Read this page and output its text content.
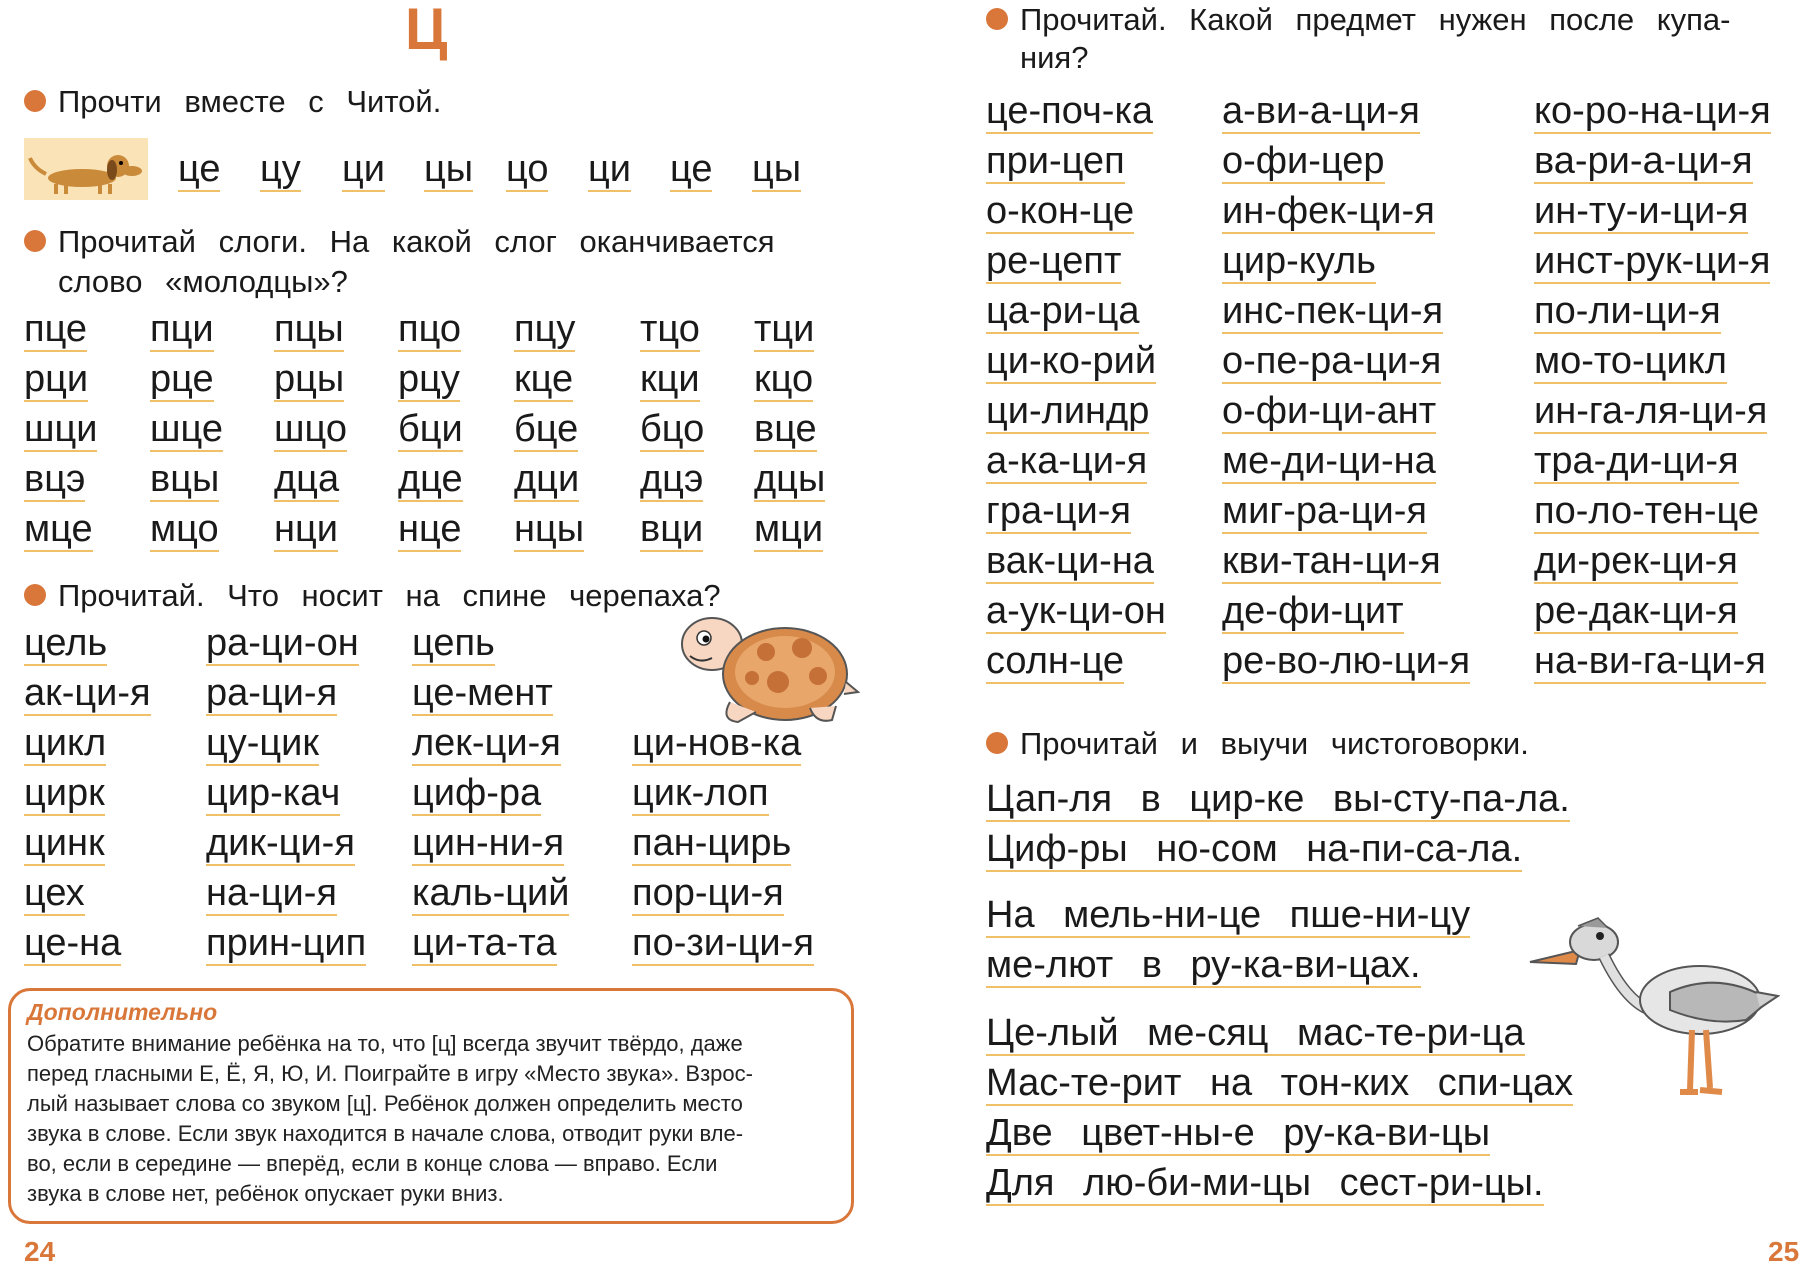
Ц
Прочти вместе с Читой.
це цу ци цы цо ци це цы
Прочитай слоги. На какой слог оканчивается
слово «молодцы»?
пце пци пцы пцо пцу тцо тци
рци рце рцы рцу кце кци кцо
шци шце шцо бци бце бцо вце
вцэ вцы дца дце дци дцэ дцы
мце мцо нци нце нцы вци мци
Прочитай. Что носит на спине черепаха?
цель	ра-ци-он цепь
ак-ци-я ра-ци-я це-мент
цикл	цу-цик лек-ци-я ци-нов-ка
цирк	цир-кач циф-ра цик-лоп
цинк	дик-ци-я цин-ни-я пан-цирь
цех	на-ци-я каль-ций пор-ци-я
це-на прин-цип ци-та-та по-зи-ци-я
Дополнительно
Обратите внимание ребёнка на то, что [ц] всегда звучит твёрдо, даже
перед гласными Е, Ё, Я, Ю, И. Поиграйте в игру «Место звука». Взрос-
лый называет слова со звуком [ц]. Ребёнок должен определить место
звука в слове. Если звук находится в начале слова, отводит руки вле-
во, если в середине — вперёд, если в конце слова — вправо. Если
звука в слове нет, ребёнок опускает руки вниз.
24
Прочитай. Какой предмет нужен после купа-
ния?
це-поч-ка а-ви-а-ци-я	ко-ро-на-ци-я
при-цеп	о-фи-цер	ва-ри-а-ци-я
о-кон-це ин-фек-ци-я	ин-ту-и-ци-я
ре-цепт	цир-куль	инст-рук-ци-я
ца-ри-ца инс-пек-ци-я по-ли-ци-я
ци-ко-рий о-пе-ра-ци-я мо-то-цикл
ци-линдр о-фи-ци-ант	ин-га-ля-ци-я
а-ка-ци-я ме-ди-ци-на	тра-ди-ци-я
гра-ци-я миг-ра-ци-я	по-ло-тен-це
вак-ци-на кви-тан-ци-я ди-рек-ци-я
а-ук-ци-он де-фи-цит	ре-дак-ци-я
солн-це	ре-во-лю-ци-я на-ви-га-ци-я
Прочитай и выучи чистоговорки.
Цап-ля в цир-ке вы-сту-па-ла.
Циф-ры но-сом на-пи-са-ла.
На мель-ни-це пше-ни-цу
ме-лют в ру-ка-ви-цах.
Це-лый ме-сяц мас-те-ри-ца
Мас-те-рит на тон-ких спи-цах
Две цвет-ны-е ру-ка-ви-цы
Для лю-би-ми-цы сест-ри-цы.
25
